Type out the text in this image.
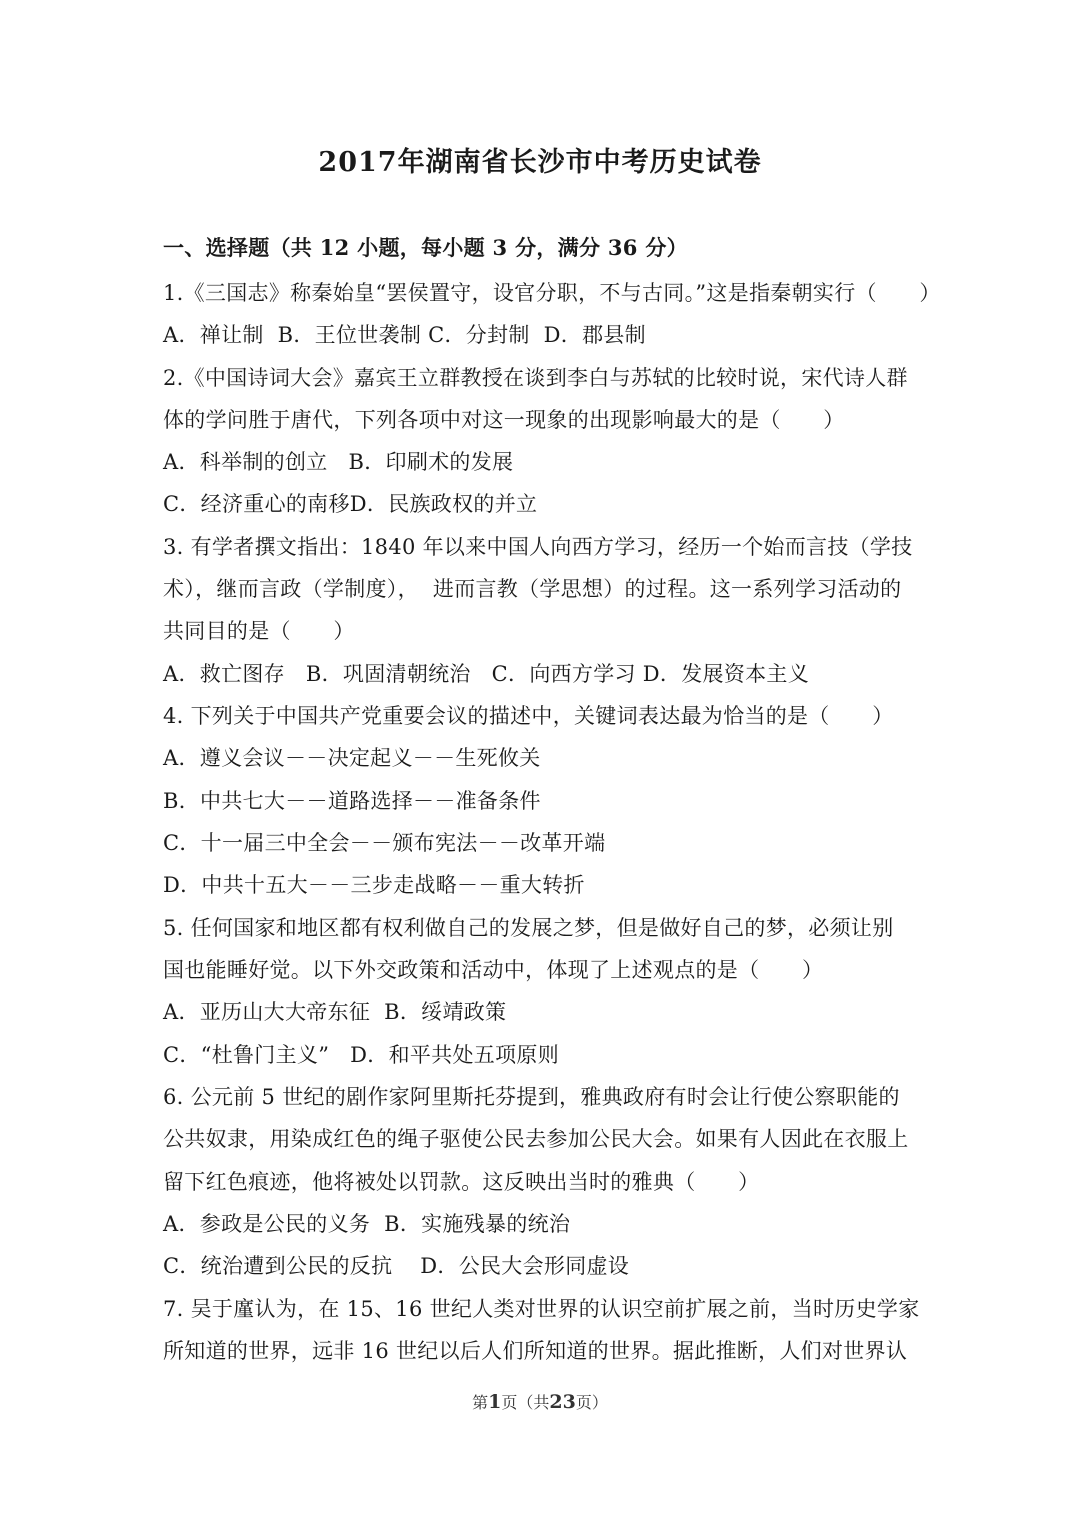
2017年湖南省长沙市中考历史试卷
一、选择题（共 12 小题，每小题 3 分，满分 36 分）
1.《三国志》称秦始皇“罢侯置守，设官分职，不与古同。”这是指秦朝实行（　　）
A．禅让制  B．王位世袭制 C．分封制  D．郡县制
2.《中国诗词大会》嘉宾王立群教授在谈到李白与苏轼的比较时说，宋代诗人群
体的学问胜于唐代，下列各项中对这一现象的出现影响最大的是（　　）
A．科举制的创立   B．印刷术的发展
C．经济重心的南移D．民族政权的并立
3. 有学者撰文指出：1840 年以来中国人向西方学习，经历一个始而言技（学技
术），继而言政（学制度），  进而言教（学思想）的过程。这一系列学习活动的
共同目的是（　　）
A．救亡图存   B．巩固清朝统治   C．向西方学习 D．发展资本主义
4. 下列关于中国共产党重要会议的描述中，关键词表达最为恰当的是（　　）
A．遵义会议－－决定起义－－生死攸关
B．中共七大－－道路选择－－准备条件
C．十一届三中全会－－颁布宪法－－改革开端
D．中共十五大－－三步走战略－－重大转折
5. 任何国家和地区都有权利做自己的发展之梦，但是做好自己的梦，必须让别
国也能睡好觉。以下外交政策和活动中，体现了上述观点的是（　　）
A．亚历山大大帝东征  B．绥靖政策
C．“杜鲁门主义”   D．和平共处五项原则
6. 公元前 5 世纪的剧作家阿里斯托芬提到，雅典政府有时会让行使公察职能的
公共奴隶，用染成红色的绳子驱使公民去参加公民大会。如果有人因此在衣服上
留下红色痕迹，他将被处以罚款。这反映出当时的雅典（　　）
A．参政是公民的义务  B．实施残暴的统治
C．统治遭到公民的反抗    D．公民大会形同虚设
7. 吴于廑认为，在 15、16 世纪人类对世界的认识空前扩展之前，当时历史学家
所知道的世界，远非 16 世纪以后人们所知道的世界。据此推断，人们对世界认
第1页（共23页）
